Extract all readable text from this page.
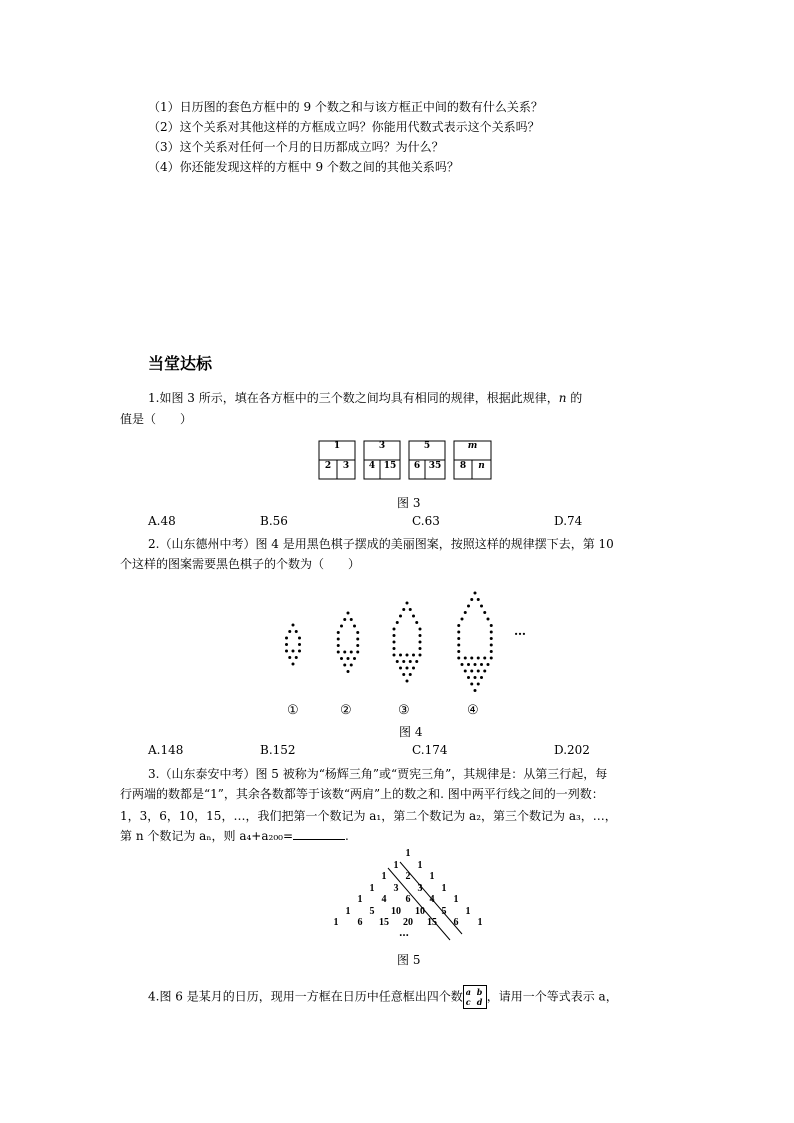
（1）日历图的套色方框中的 9 个数之和与该方框正中间的数有什么关系？
（2）这个关系对其他这样的方框成立吗？你能用代数式表示这个关系吗？
（3）这个关系对任何一个月的日历都成立吗？为什么？
（4）你还能发现这样的方框中 9 个数之间的其他关系吗？
当堂达标
1.如图 3 所示，填在各方框中的三个数之间均具有相同的规律，根据此规律，n 的
值是（　　）
1
2	3
3
4 15
5
6 35
m
8	n
图 3
A.48	B.56	C.63	D.74
2.（山东德州中考）图 4 是用黑色棋子摆成的美丽图案，按照这样的规律摆下去，第 10
个这样的图案需要黑色棋子的个数为（　　）
…
①	②	③	④
图 4
A.148	B.152	C.174	D.202
3.（山东泰安中考）图 5 被称为“杨辉三角”或“贾宪三角”，其规律是：从第三行起，每
行两端的数都是“1”，其余各数都等于该数“两肩”上的数之和. 图中两平行线之间的一列数：
1，3，6，10，15，…，我们把第一个数记为 a₁，第二个数记为 a₂，第三个数记为 a₃，…，
第 n 个数记为 aₙ，则 a₄+a₂₀₀=	.
1
1	1
1	2	1
1	3	3	1
1	4	6	4	1
1	5	10	10	5	1
1	6	15	20	15	6	1
…
图 5
4.图 6 是某月的日历，现用一方框在日历中任意框出四个数 a b
c d ，请用一个等式表示 a，
